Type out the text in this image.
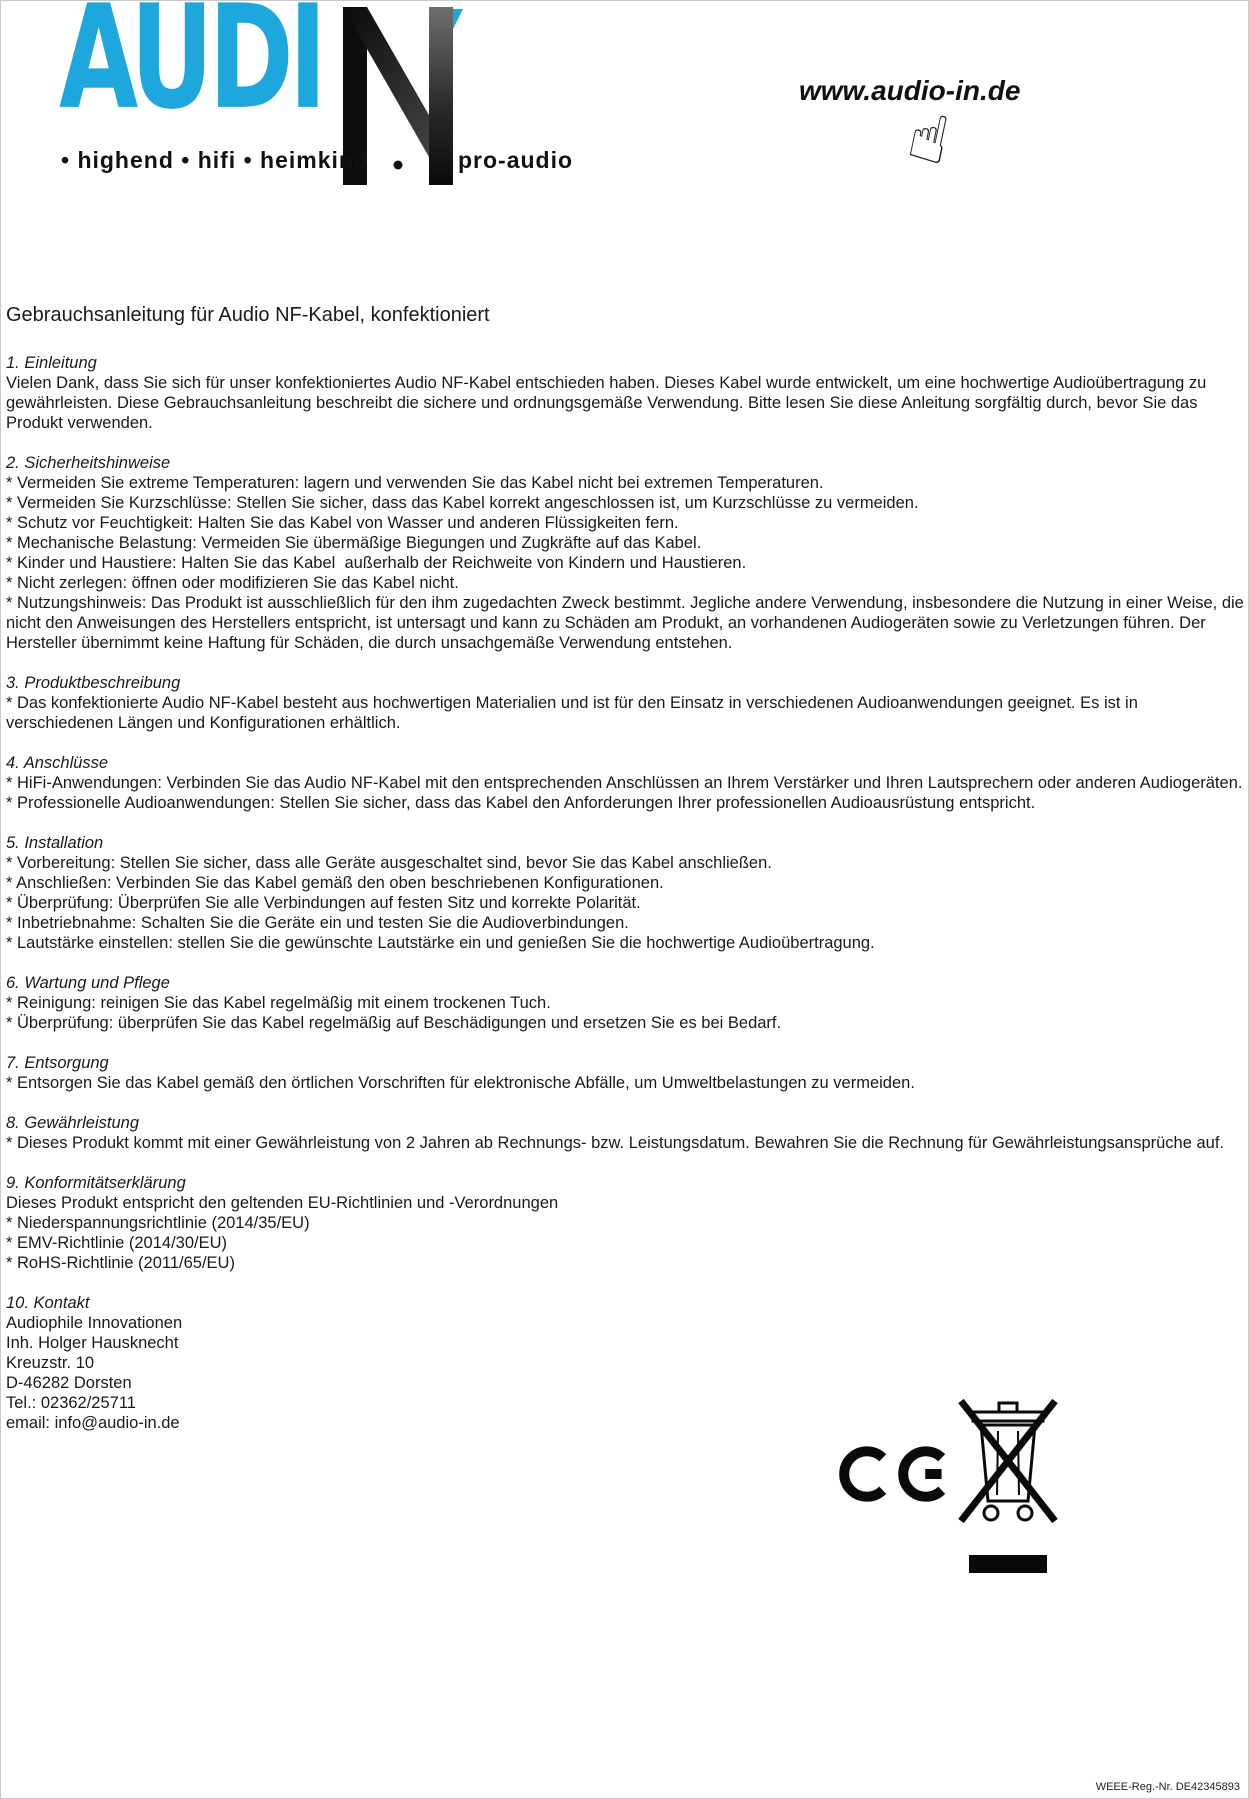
AUDI
• highend • hifi • heimkino	pro-audio
www.audio-in.de
☝
Gebrauchsanleitung für Audio NF-Kabel, konfektioniert
1. Einleitung
Vielen Dank, dass Sie sich für unser konfektioniertes Audio NF-Kabel entschieden haben. Dieses Kabel wurde entwickelt, um eine hochwertige Audioübertragung zu gewährleisten. Diese Gebrauchsanleitung beschreibt die sichere und ordnungsgemäße Verwendung. Bitte lesen Sie diese Anleitung sorgfältig durch, bevor Sie das Produkt verwenden.
2. Sicherheitshinweise
* Vermeiden Sie extreme Temperaturen: lagern und verwenden Sie das Kabel nicht bei extremen Temperaturen.
* Vermeiden Sie Kurzschlüsse: Stellen Sie sicher, dass das Kabel korrekt angeschlossen ist, um Kurzschlüsse zu vermeiden.
* Schutz vor Feuchtigkeit: Halten Sie das Kabel von Wasser und anderen Flüssigkeiten fern.
* Mechanische Belastung: Vermeiden Sie übermäßige Biegungen und Zugkräfte auf das Kabel.
* Kinder und Haustiere: Halten Sie das Kabel  außerhalb der Reichweite von Kindern und Haustieren.
* Nicht zerlegen: öffnen oder modifizieren Sie das Kabel nicht.
* Nutzungshinweis: Das Produkt ist ausschließlich für den ihm zugedachten Zweck bestimmt. Jegliche andere Verwendung, insbesondere die Nutzung in einer Weise, die nicht den Anweisungen des Herstellers entspricht, ist untersagt und kann zu Schäden am Produkt, an vorhandenen Audiogeräten sowie zu Verletzungen führen. Der Hersteller übernimmt keine Haftung für Schäden, die durch unsachgemäße Verwendung entstehen.
3. Produktbeschreibung
* Das konfektionierte Audio NF-Kabel besteht aus hochwertigen Materialien und ist für den Einsatz in verschiedenen Audioanwendungen geeignet. Es ist in verschiedenen Längen und Konfigurationen erhältlich.
4. Anschlüsse
* HiFi-Anwendungen: Verbinden Sie das Audio NF-Kabel mit den entsprechenden Anschlüssen an Ihrem Verstärker und Ihren Lautsprechern oder anderen Audiogeräten.
* Professionelle Audioanwendungen: Stellen Sie sicher, dass das Kabel den Anforderungen Ihrer professionellen Audioausrüstung entspricht.
5. Installation
* Vorbereitung: Stellen Sie sicher, dass alle Geräte ausgeschaltet sind, bevor Sie das Kabel anschließen.
* Anschließen: Verbinden Sie das Kabel gemäß den oben beschriebenen Konfigurationen.
* Überprüfung: Überprüfen Sie alle Verbindungen auf festen Sitz und korrekte Polarität.
* Inbetriebnahme: Schalten Sie die Geräte ein und testen Sie die Audioverbindungen.
* Lautstärke einstellen: stellen Sie die gewünschte Lautstärke ein und genießen Sie die hochwertige Audioübertragung.
6. Wartung und Pflege
* Reinigung: reinigen Sie das Kabel regelmäßig mit einem trockenen Tuch.
* Überprüfung: überprüfen Sie das Kabel regelmäßig auf Beschädigungen und ersetzen Sie es bei Bedarf.
7. Entsorgung
* Entsorgen Sie das Kabel gemäß den örtlichen Vorschriften für elektronische Abfälle, um Umweltbelastungen zu vermeiden.
8. Gewährleistung
* Dieses Produkt kommt mit einer Gewährleistung von 2 Jahren ab Rechnungs- bzw. Leistungsdatum. Bewahren Sie die Rechnung für Gewährleistungsansprüche auf.
9. Konformitätserklärung
Dieses Produkt entspricht den geltenden EU-Richtlinien und -Verordnungen
* Niederspannungsrichtlinie (2014/35/EU)
* EMV-Richtlinie (2014/30/EU)
* RoHS-Richtlinie (2011/65/EU)
10. Kontakt
Audiophile Innovationen
Inh. Holger Hausknecht
Kreuzstr. 10
D-46282 Dorsten
Tel.: 02362/25711
email: info@audio-in.de
WEEE-Reg.-Nr. DE42345893
